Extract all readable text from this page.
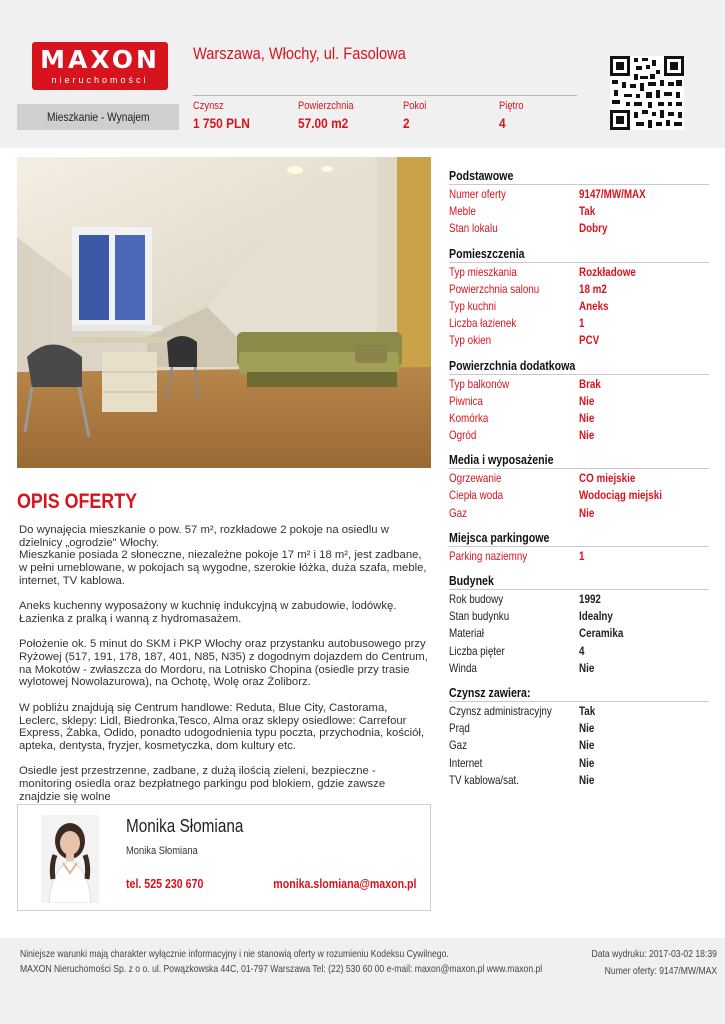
MAXON
nieruchomości
Warszawa, Włochy, ul. Fasolowa
Mieszkanie - Wynajem
Czynsz
1 750 PLN
Powierzchnia
57.00 m2
Pokoi
2
Piętro
4
OPIS OFERTY

Do wynajęcia mieszkanie o pow. 57 m², rozkładowe 2 pokoje na osiedlu w dzielnicy „ogrodzie" Włochy.
Mieszkanie posiada 2 słoneczne, niezależne pokoje 17 m² i 18 m², jest zadbane, w pełni umeblowane, w pokojach są wygodne, szerokie łóżka, duża szafa, meble, internet, TV kablowa.

Aneks kuchenny wyposażony w kuchnię indukcyjną w zabudowie, lodówkę.
Łazienka z pralką i wanną z hydromasażem.

Położenie ok. 5 minut do SKM i PKP Włochy oraz przystanku autobusowego przy Ryżowej (517, 191, 178, 187, 401, N85, N35) z dogodnym dojazdem do Centrum, na Mokotów - zwłaszcza do Mordoru, na Lotnisko Chopina (osiedle przy trasie wylotowej Nowolazurowa), na Ochotę, Wolę oraz Żoliborz.

W pobliżu znajdują się Centrum handlowe: Reduta, Blue City, Castorama, Leclerc, sklepy: Lidl, Biedronka,Tesco, Alma oraz sklepy osiedlowe: Carrefour Express, Żabka, Odido, ponadto udogodnienia typu poczta, przychodnia, kościół, apteka, dentysta, fryzjer, kosmetyczka, dom kultury etc.

Osiedle jest przestrzenne, zadbane, z dużą ilością zieleni, bezpieczne - monitoring osiedla oraz bezpłatnego parkingu pod blokiem, gdzie zawsze znajdzie się wolne

Podstawowe
Numer oferty	9147/MW/MAX
Meble	Tak
Stan lokalu	Dobry
Pomieszczenia
Typ mieszkania	Rozkładowe
Powierzchnia salonu	18 m2
Typ kuchni	Aneks
Liczba łazienek	1
Typ okien	PCV
Powierzchnia dodatkowa
Typ balkonów	Brak
Piwnica	Nie
Komórka	Nie
Ogród	Nie
Media i wyposażenie
Ogrzewanie	CO miejskie
Ciepła woda	Wodociąg miejski
Gaz	Nie
Miejsca parkingowe
Parking naziemny	1
Budynek
Rok budowy	1992
Stan budynku	Idealny
Materiał	Ceramika
Liczba pięter	4
Winda	Nie
Czynsz zawiera:
Czynsz administracyjny Tak
Prąd	Nie
Gaz	Nie
Internet	Nie
TV kablowa/sat.	Nie
Monika Słomiana
Monika Słomiana
tel. 525 230 670	monika.slomiana@maxon.pl
Niniejsze warunki mają charakter wyłącznie informacyjny i nie stanowią oferty w rozumieniu Kodeksu Cywilnego.
MAXON Nieruchomości Sp. z o o. ul. Powązkowska 44C, 01-797 Warszawa Tel: (22) 530 60 00 e-mail: maxon@maxon.pl www.maxon.pl
Data wydruku: 2017-03-02 18:39
Numer oferty: 9147/MW/MAX
